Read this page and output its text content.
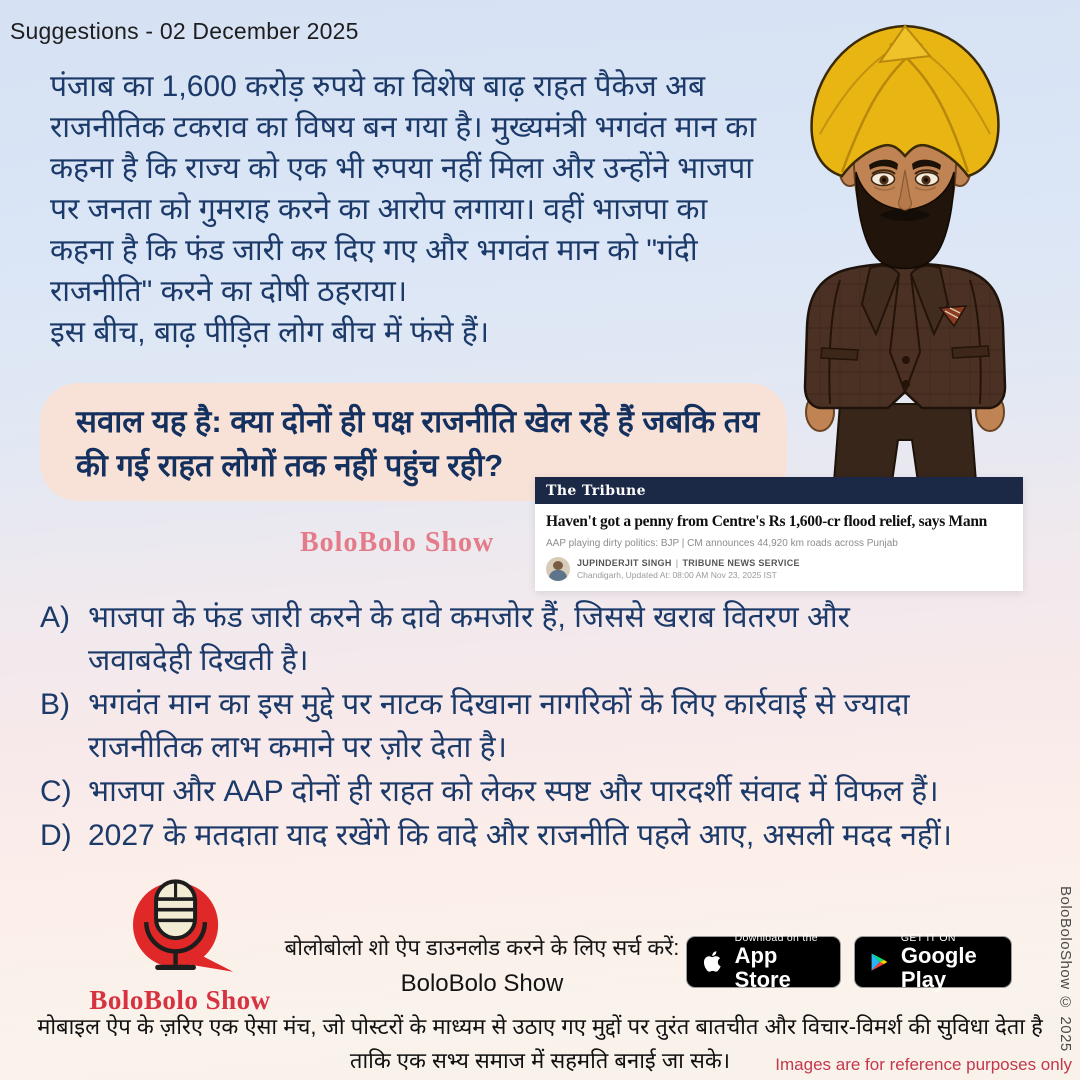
Suggestions - 02 December 2025
पंजाब का 1,600 करोड़ रुपये का विशेष बाढ़ राहत पैकेज अब
राजनीतिक टकराव का विषय बन गया है। मुख्यमंत्री भगवंत मान का
कहना है कि राज्य को एक भी रुपया नहीं मिला और उन्होंने भाजपा
पर जनता को गुमराह करने का आरोप लगाया। वहीं भाजपा का
कहना है कि फंड जारी कर दिए गए और भगवंत मान को "गंदी
राजनीति" करने का दोषी ठहराया।
इस बीच, बाढ़ पीड़ित लोग बीच में फंसे हैं।
सवाल यह है: क्या दोनों ही पक्ष राजनीति खेल रहे हैं जबकि तय की गई राहत लोगों तक नहीं पहुंच रही?
BoloBolo Show
The Tribune
Haven't got a penny from Centre's Rs 1,600-cr flood relief, says Mann
AAP playing dirty politics: BJP | CM announces 44,920 km roads across Punjab
JUPINDERJIT SINGH | TRIBUNE NEWS SERVICE
Chandigarh, Updated At: 08:00 AM Nov 23, 2025 IST
A) भाजपा के फंड जारी करने के दावे कमजोर हैं, जिससे खराब वितरण और जवाबदेही दिखती है।
B) भगवंत मान का इस मुद्दे पर नाटक दिखाना नागरिकों के लिए कार्रवाई से ज्यादा राजनीतिक लाभ कमाने पर ज़ोर देता है।
C) भाजपा और AAP दोनों ही राहत को लेकर स्पष्ट और पारदर्शी संवाद में विफल हैं।
D) 2027 के मतदाता याद रखेंगे कि वादे और राजनीति पहले आए, असली मदद नहीं।
BoloBolo Show
बोलोबोलो शो ऐप डाउनलोड करने के लिए सर्च करें:
BoloBolo Show
Download on the
App Store
GET IT ON
Google Play
मोबाइल ऐप के ज़रिए एक ऐसा मंच, जो पोस्टरों के माध्यम से उठाए गए मुद्दों पर तुरंत बातचीत और विचार-विमर्श की सुविधा देता है ताकि एक सभ्य समाज में सहमति बनाई जा सके।
BoloBoloShow © 2025
Images are for reference purposes only
